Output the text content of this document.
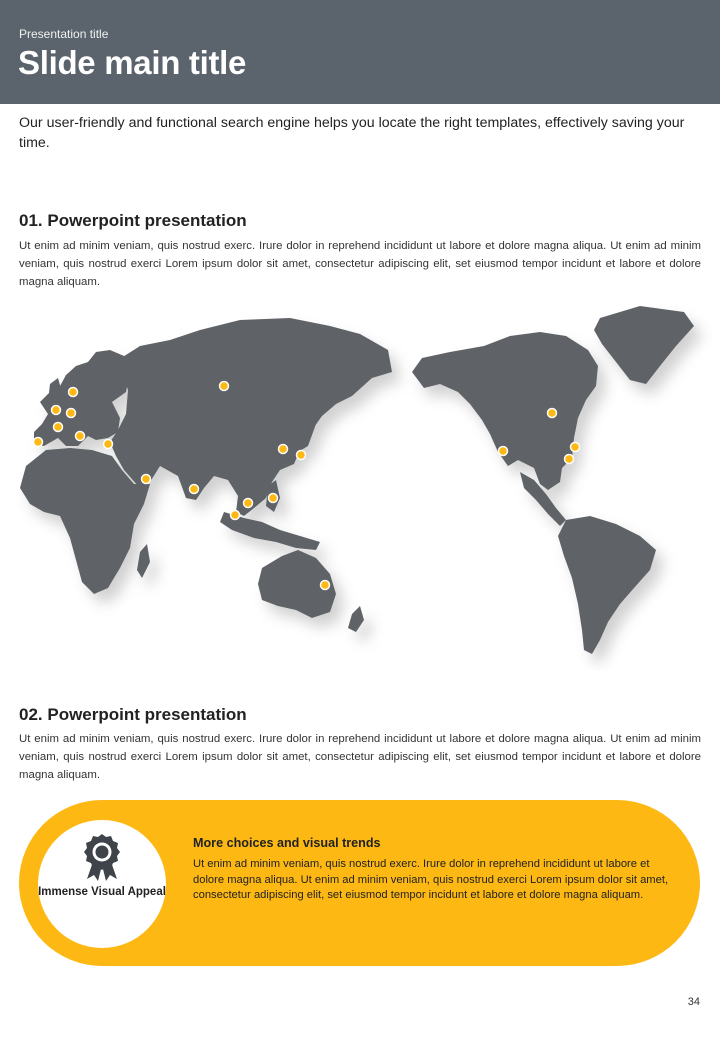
Presentation title
Slide main title
Our user-friendly and functional search engine helps you locate the right templates, effectively saving your time.
01. Powerpoint presentation
Ut enim ad minim veniam, quis nostrud exerc. Irure dolor in reprehend incididunt ut labore et dolore magna aliqua. Ut enim ad minim veniam, quis nostrud exerci Lorem ipsum dolor sit amet, consectetur adipiscing elit, set eiusmod tempor incidunt et labore et dolore magna aliquam.
02. Powerpoint presentation
Ut enim ad minim veniam, quis nostrud exerc. Irure dolor in reprehend incididunt ut labore et dolore magna aliqua. Ut enim ad minim veniam, quis nostrud exerci Lorem ipsum dolor sit amet, consectetur adipiscing elit, set eiusmod tempor incidunt et labore et dolore magna aliquam.
Immense Visual Appeal
More choices and visual trends
Ut enim ad minim veniam, quis nostrud exerc. Irure dolor in reprehend incididunt ut labore et dolore magna aliqua. Ut enim ad minim veniam, quis nostrud exerci Lorem ipsum dolor sit amet, consectetur adipiscing elit, set eiusmod tempor incidunt et labore et dolore magna aliquam.
34
